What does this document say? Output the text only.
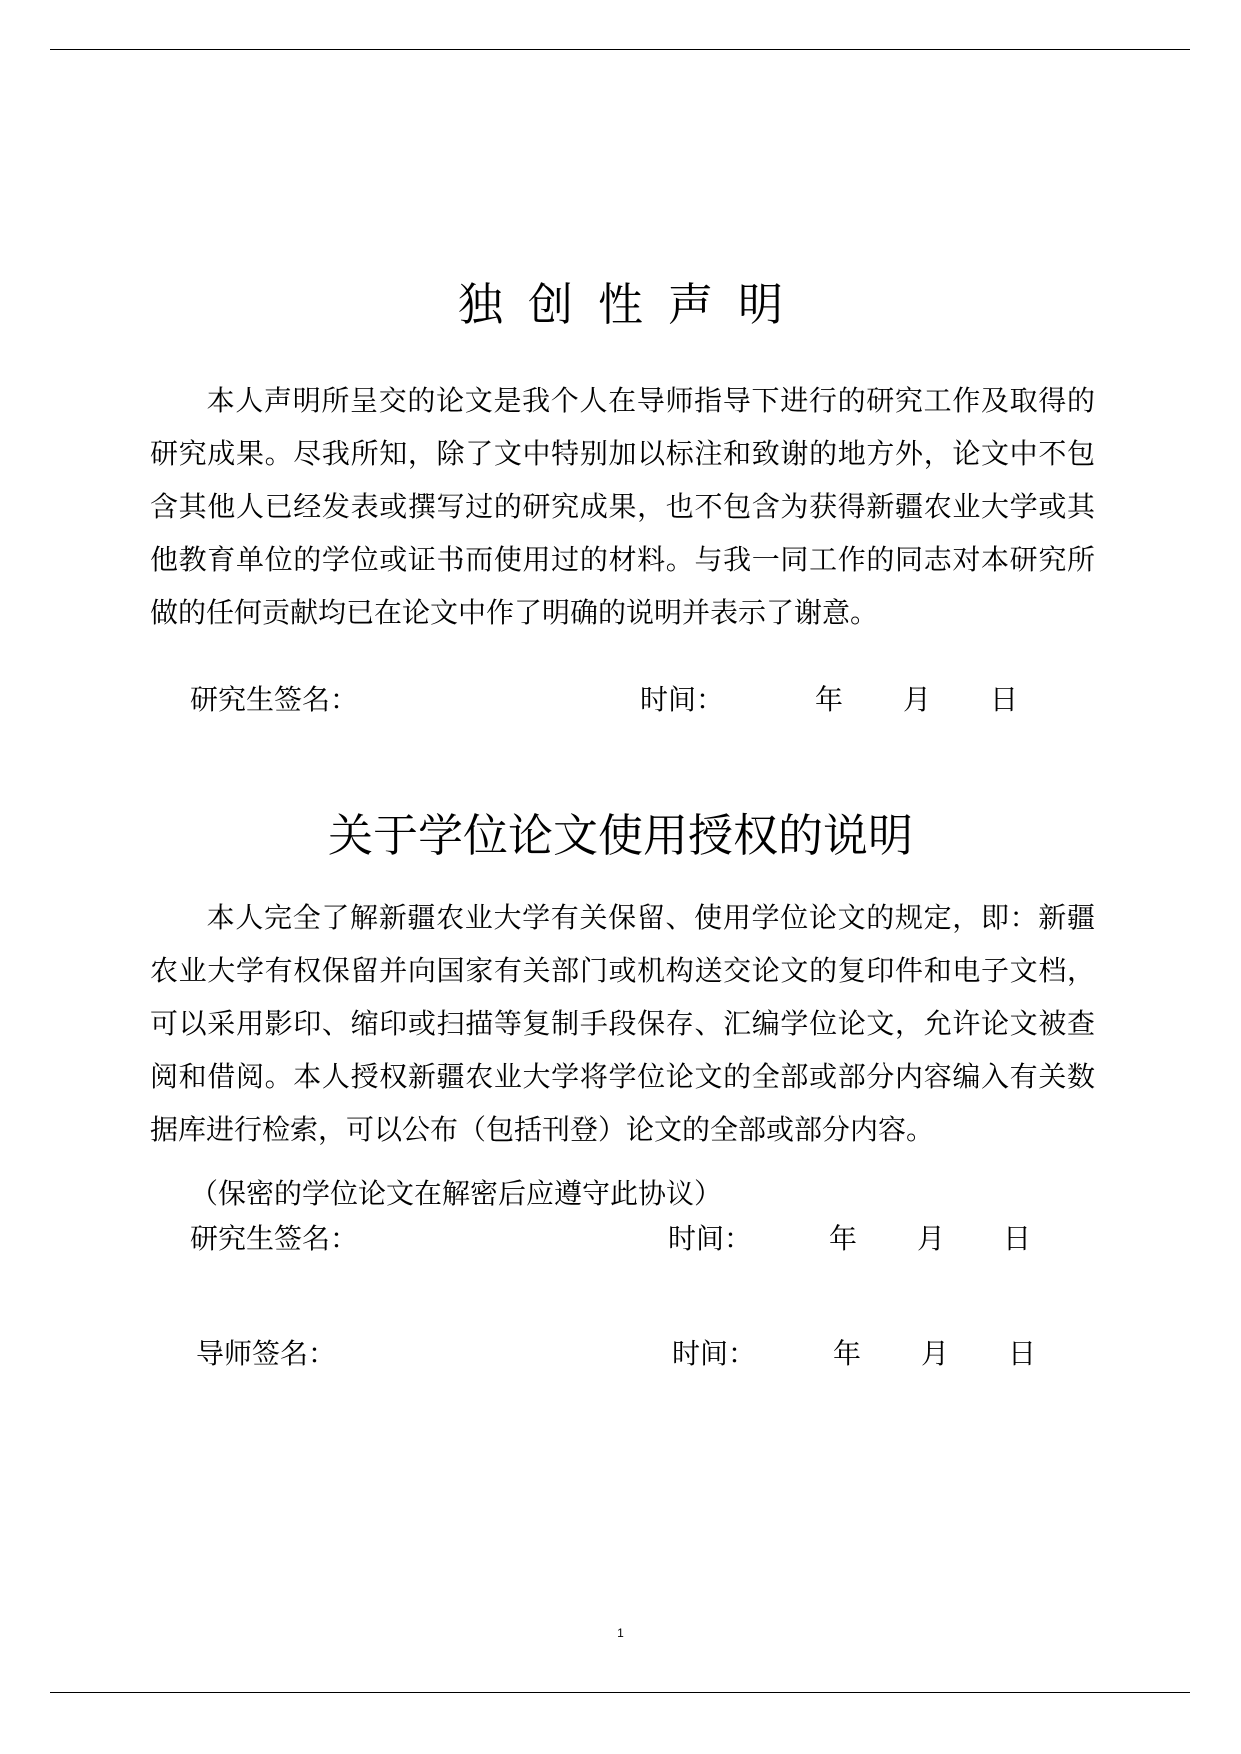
独创性声明

本人声明所呈交的论文是我个人在导师指导下进行的研究工作及取得的研究成果。尽我所知，除了文中特别加以标注和致谢的地方外，论文中不包含其他人已经发表或撰写过的研究成果，也不包含为获得新疆农业大学或其他教育单位的学位或证书而使用过的材料。与我一同工作的同志对本研究所做的任何贡献均已在论文中作了明确的说明并表示了谢意。

研究生签名：	时间：	年 月 日
关于学位论文使用授权的说明

本人完全了解新疆农业大学有关保留、使用学位论文的规定，即：新疆农业大学有权保留并向国家有关部门或机构送交论文的复印件和电子文档，可以采用影印、缩印或扫描等复制手段保存、汇编学位论文，允许论文被查阅和借阅。本人授权新疆农业大学将学位论文的全部或部分内容编入有关数据库进行检索，可以公布（包括刊登）论文的全部或部分内容。

（保密的学位论文在解密后应遵守此协议）
研究生签名：	时间：	年 月 日
导师签名：	时间：	年 月 日
1
